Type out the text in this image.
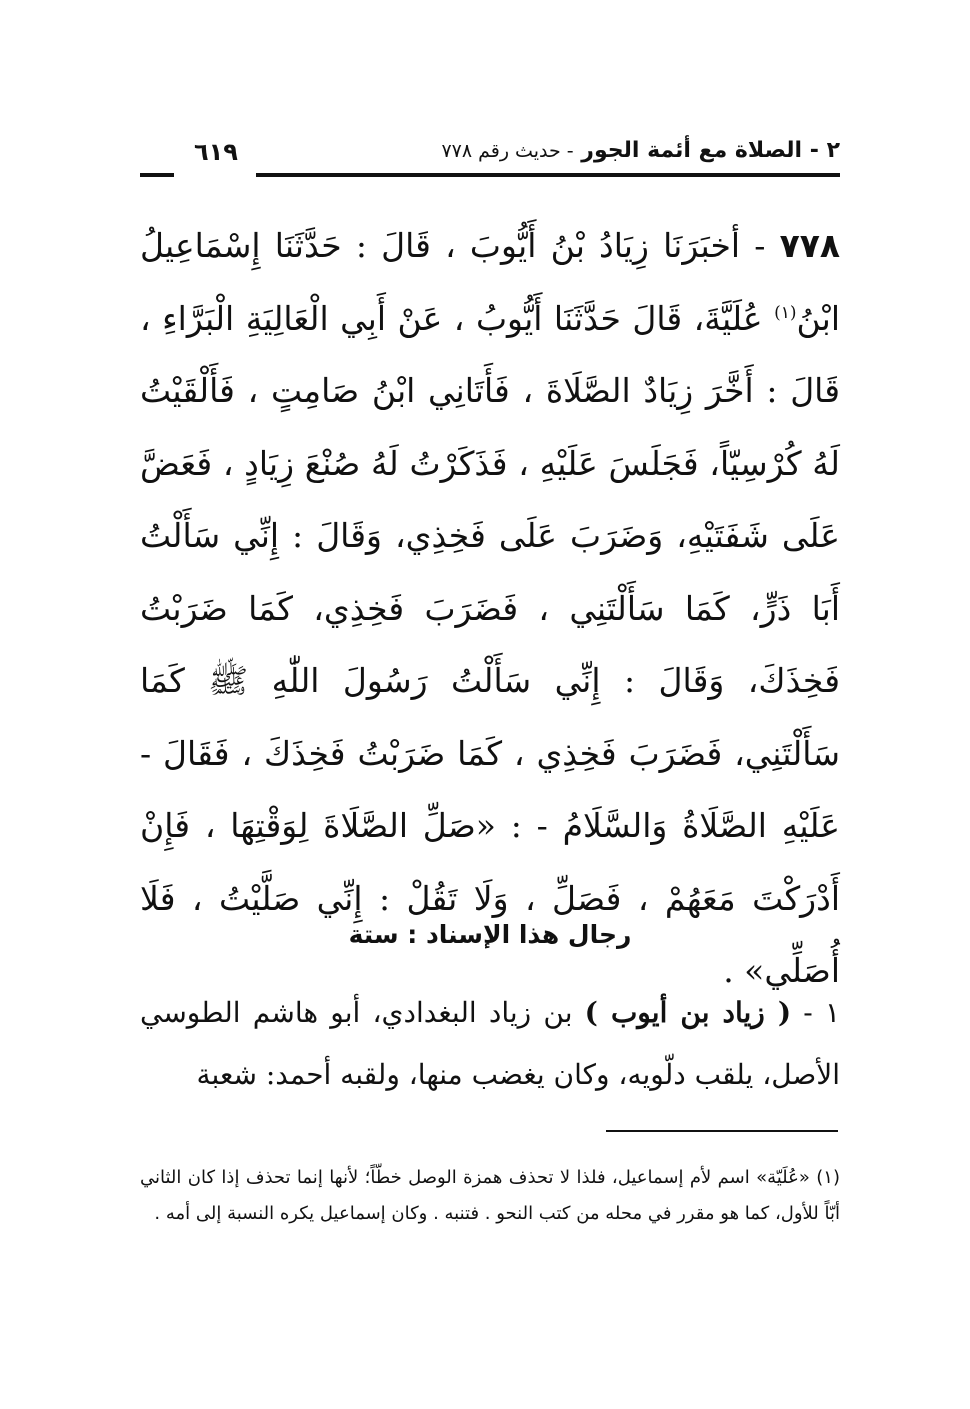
٦١٩	٢ - الصلاة مع أئمة الجور - حديث رقم ٧٧٨

٧٧٨ - أخبَرَنَا زِيَادُ بْنُ أَيُّوبَ ، قَالَ : حَدَّثَنَا إِسْمَاعِيلُ ابْنُ$^{(١)}$ عُلَيَّةَ، قَالَ حَدَّثَنَا أَيُّوبُ ، عَنْ أَبِي الْعَالِيَةِ الْبَرَّاءِ ، قَالَ : أَخَّرَ زِيَادٌ الصَّلَاةَ ، فَأَتَانِي ابْنُ صَامِتٍ ، فَأَلْقَيْتُ لَهُ كُرْسِيّاً، فَجَلَسَ عَلَيْهِ ، فَذَكَرْتُ لَهُ صُنْعَ زِيَادٍ ، فَعَضَّ عَلَى شَفَتَيْهِ، وَضَرَبَ عَلَى فَخِذِي، وَقَالَ : إِنِّي سَأَلْتُ أَبَا ذَرٍّ، كَمَا سَأَلْتَنِي ، فَضَرَبَ فَخِذِي، كَمَا ضَرَبْتُ فَخِذَكَ، وَقَالَ : إِنِّي سَأَلْتُ رَسُولَ اللّٰهِ ﷺ كَمَا سَأَلْتَنِي، فَضَرَبَ فَخِذِي ، كَمَا ضَرَبْتُ فَخِذَكَ ، فَقَالَ - عَلَيْهِ الصَّلَاةُ وَالسَّلَامُ - : «صَلِّ الصَّلَاةَ لِوَقْتِهَا ، فَإِنْ أَدْرَكْتَ مَعَهُمْ ، فَصَلِّ ، وَلَا تَقُلْ : إِنِّي صَلَّيْتُ ، فَلَا أُصَلِّي» .

رجال هذا الإسناد : ستة

١ - ( زياد بن أيوب ) بن زياد البغدادي، أبو هاشم الطوسي الأصل، يلقب دلّويه، وكان يغضب منها، ولقبه أحمد: شعبة

(١) «عُلَيّة» اسم لأم إسماعيل، فلذا لا تحذف همزة الوصل خطّاً؛ لأنها إنما تحذف إذا كان الثاني أبّاً للأول، كما هو مقرر في محله من كتب النحو . فتنبه . وكان إسماعيل يكره النسبة إلى أمه .
